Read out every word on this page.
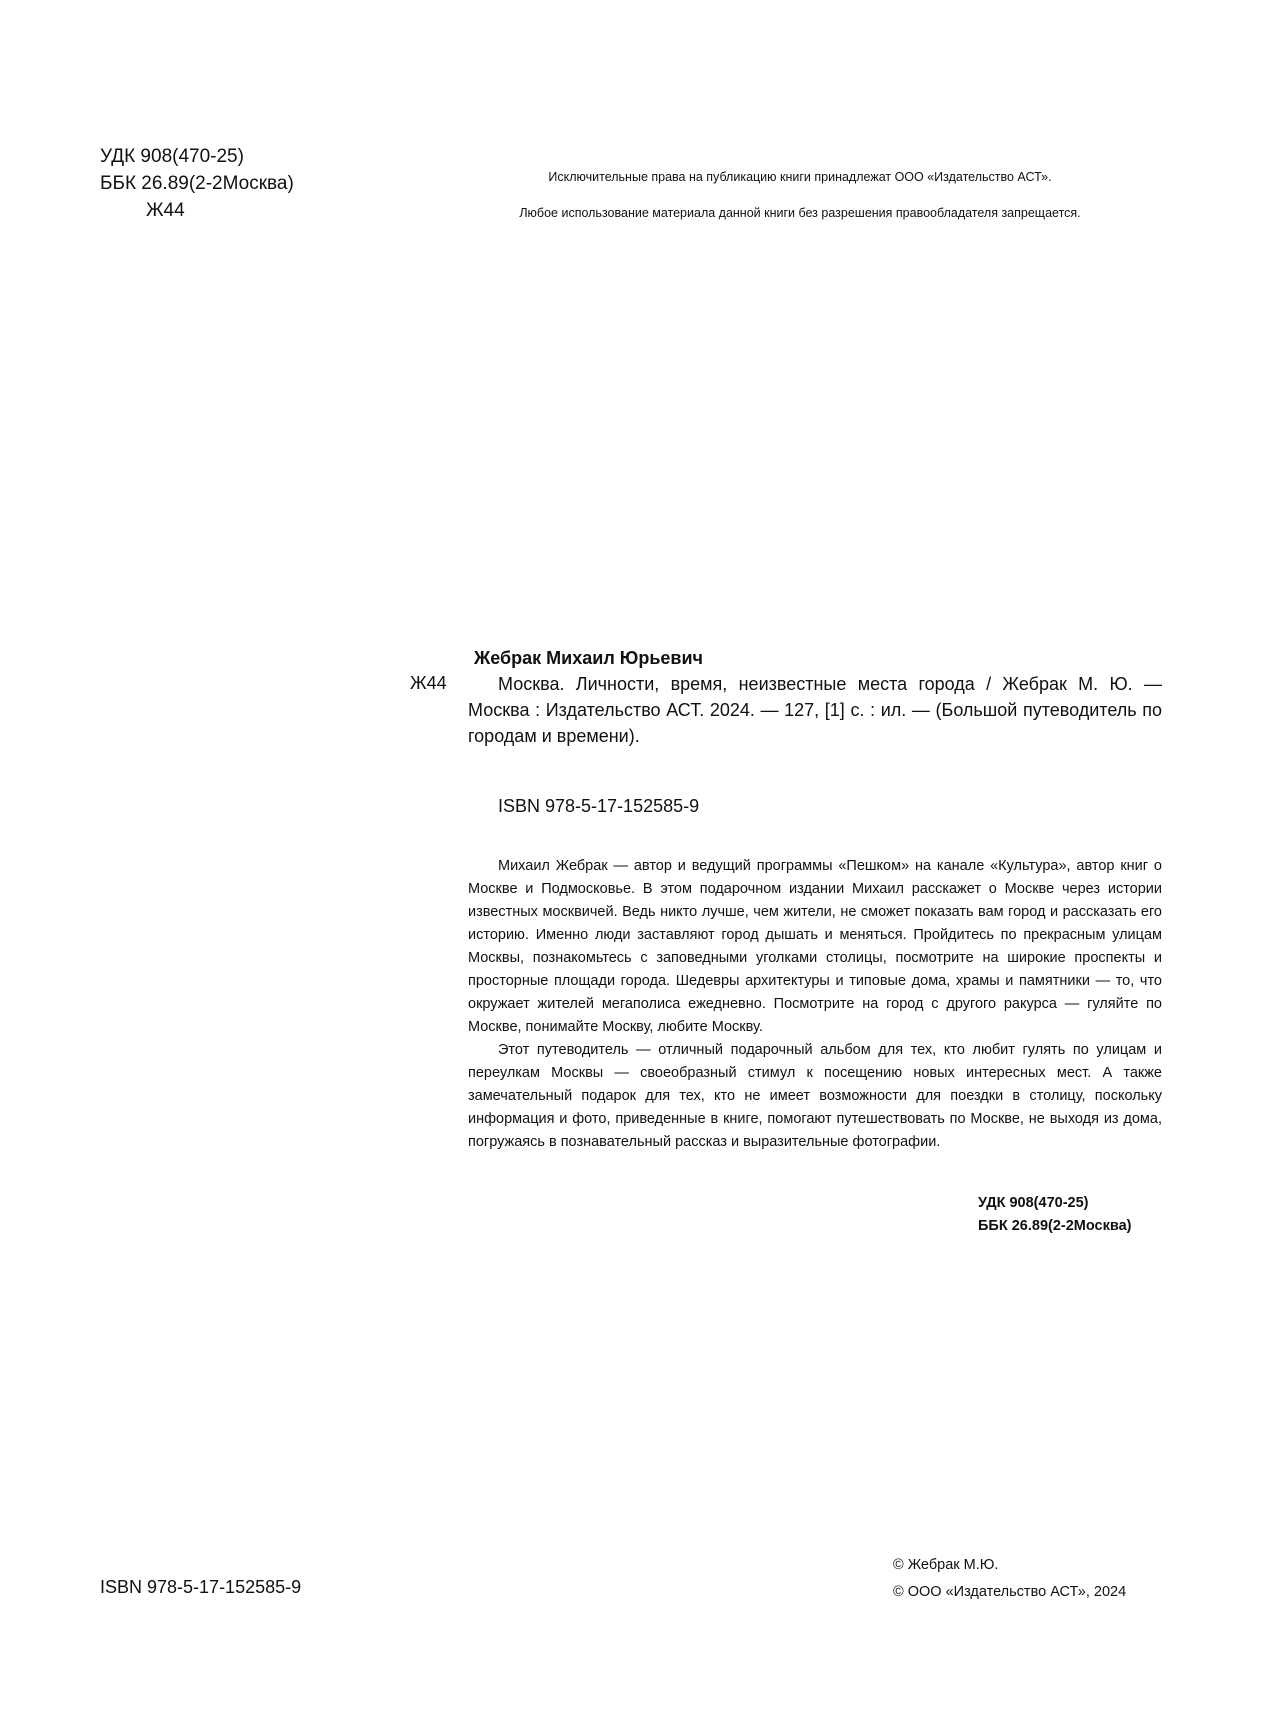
УДК 908(470-25)
ББК 26.89(2-2Москва)
Ж44
Исключительные права на публикацию книги принадлежат ООО «Издательство АСТ».
Любое использование материала данной книги без разрешения правообладателя запрещается.
Жебрак Михаил Юрьевич
Ж44	Москва. Личности, время, неизвестные места города / Жебрак М. Ю. — Москва : Издательство АСТ. 2024. — 127, [1] с. : ил. — (Большой путеводитель по городам и времени).
ISBN 978-5-17-152585-9

Михаил Жебрак — автор и ведущий программы «Пешком» на канале «Культура», автор книг о Москве и Подмосковье. В этом подарочном издании Михаил расскажет о Москве через истории известных москвичей. Ведь никто лучше, чем жители, не сможет показать вам город и рассказать его историю. Именно люди заставляют город дышать и меняться. Пройдитесь по прекрасным улицам Москвы, познакомьтесь с заповедными уголками столицы, посмотрите на широкие проспекты и просторные площади города. Шедевры архитектуры и типовые дома, храмы и памятники — то, что окружает жителей мегаполиса ежедневно. Посмотрите на город с другого ракурса — гуляйте по Москве, понимайте Москву, любите Москву.

Этот путеводитель — отличный подарочный альбом для тех, кто любит гулять по улицам и переулкам Москвы — своеобразный стимул к посещению новых интересных мест. А также замечательный подарок для тех, кто не имеет возможности для поездки в столицу, поскольку информация и фото, приведенные в книге, помогают путешествовать по Москве, не выходя из дома, погружаясь в познавательный рассказ и выразительные фотографии.

УДК 908(470-25)
ББК 26.89(2-2Москва)
ISBN 978-5-17-152585-9
© Жебрак М.Ю.
© ООО «Издательство АСТ», 2024
